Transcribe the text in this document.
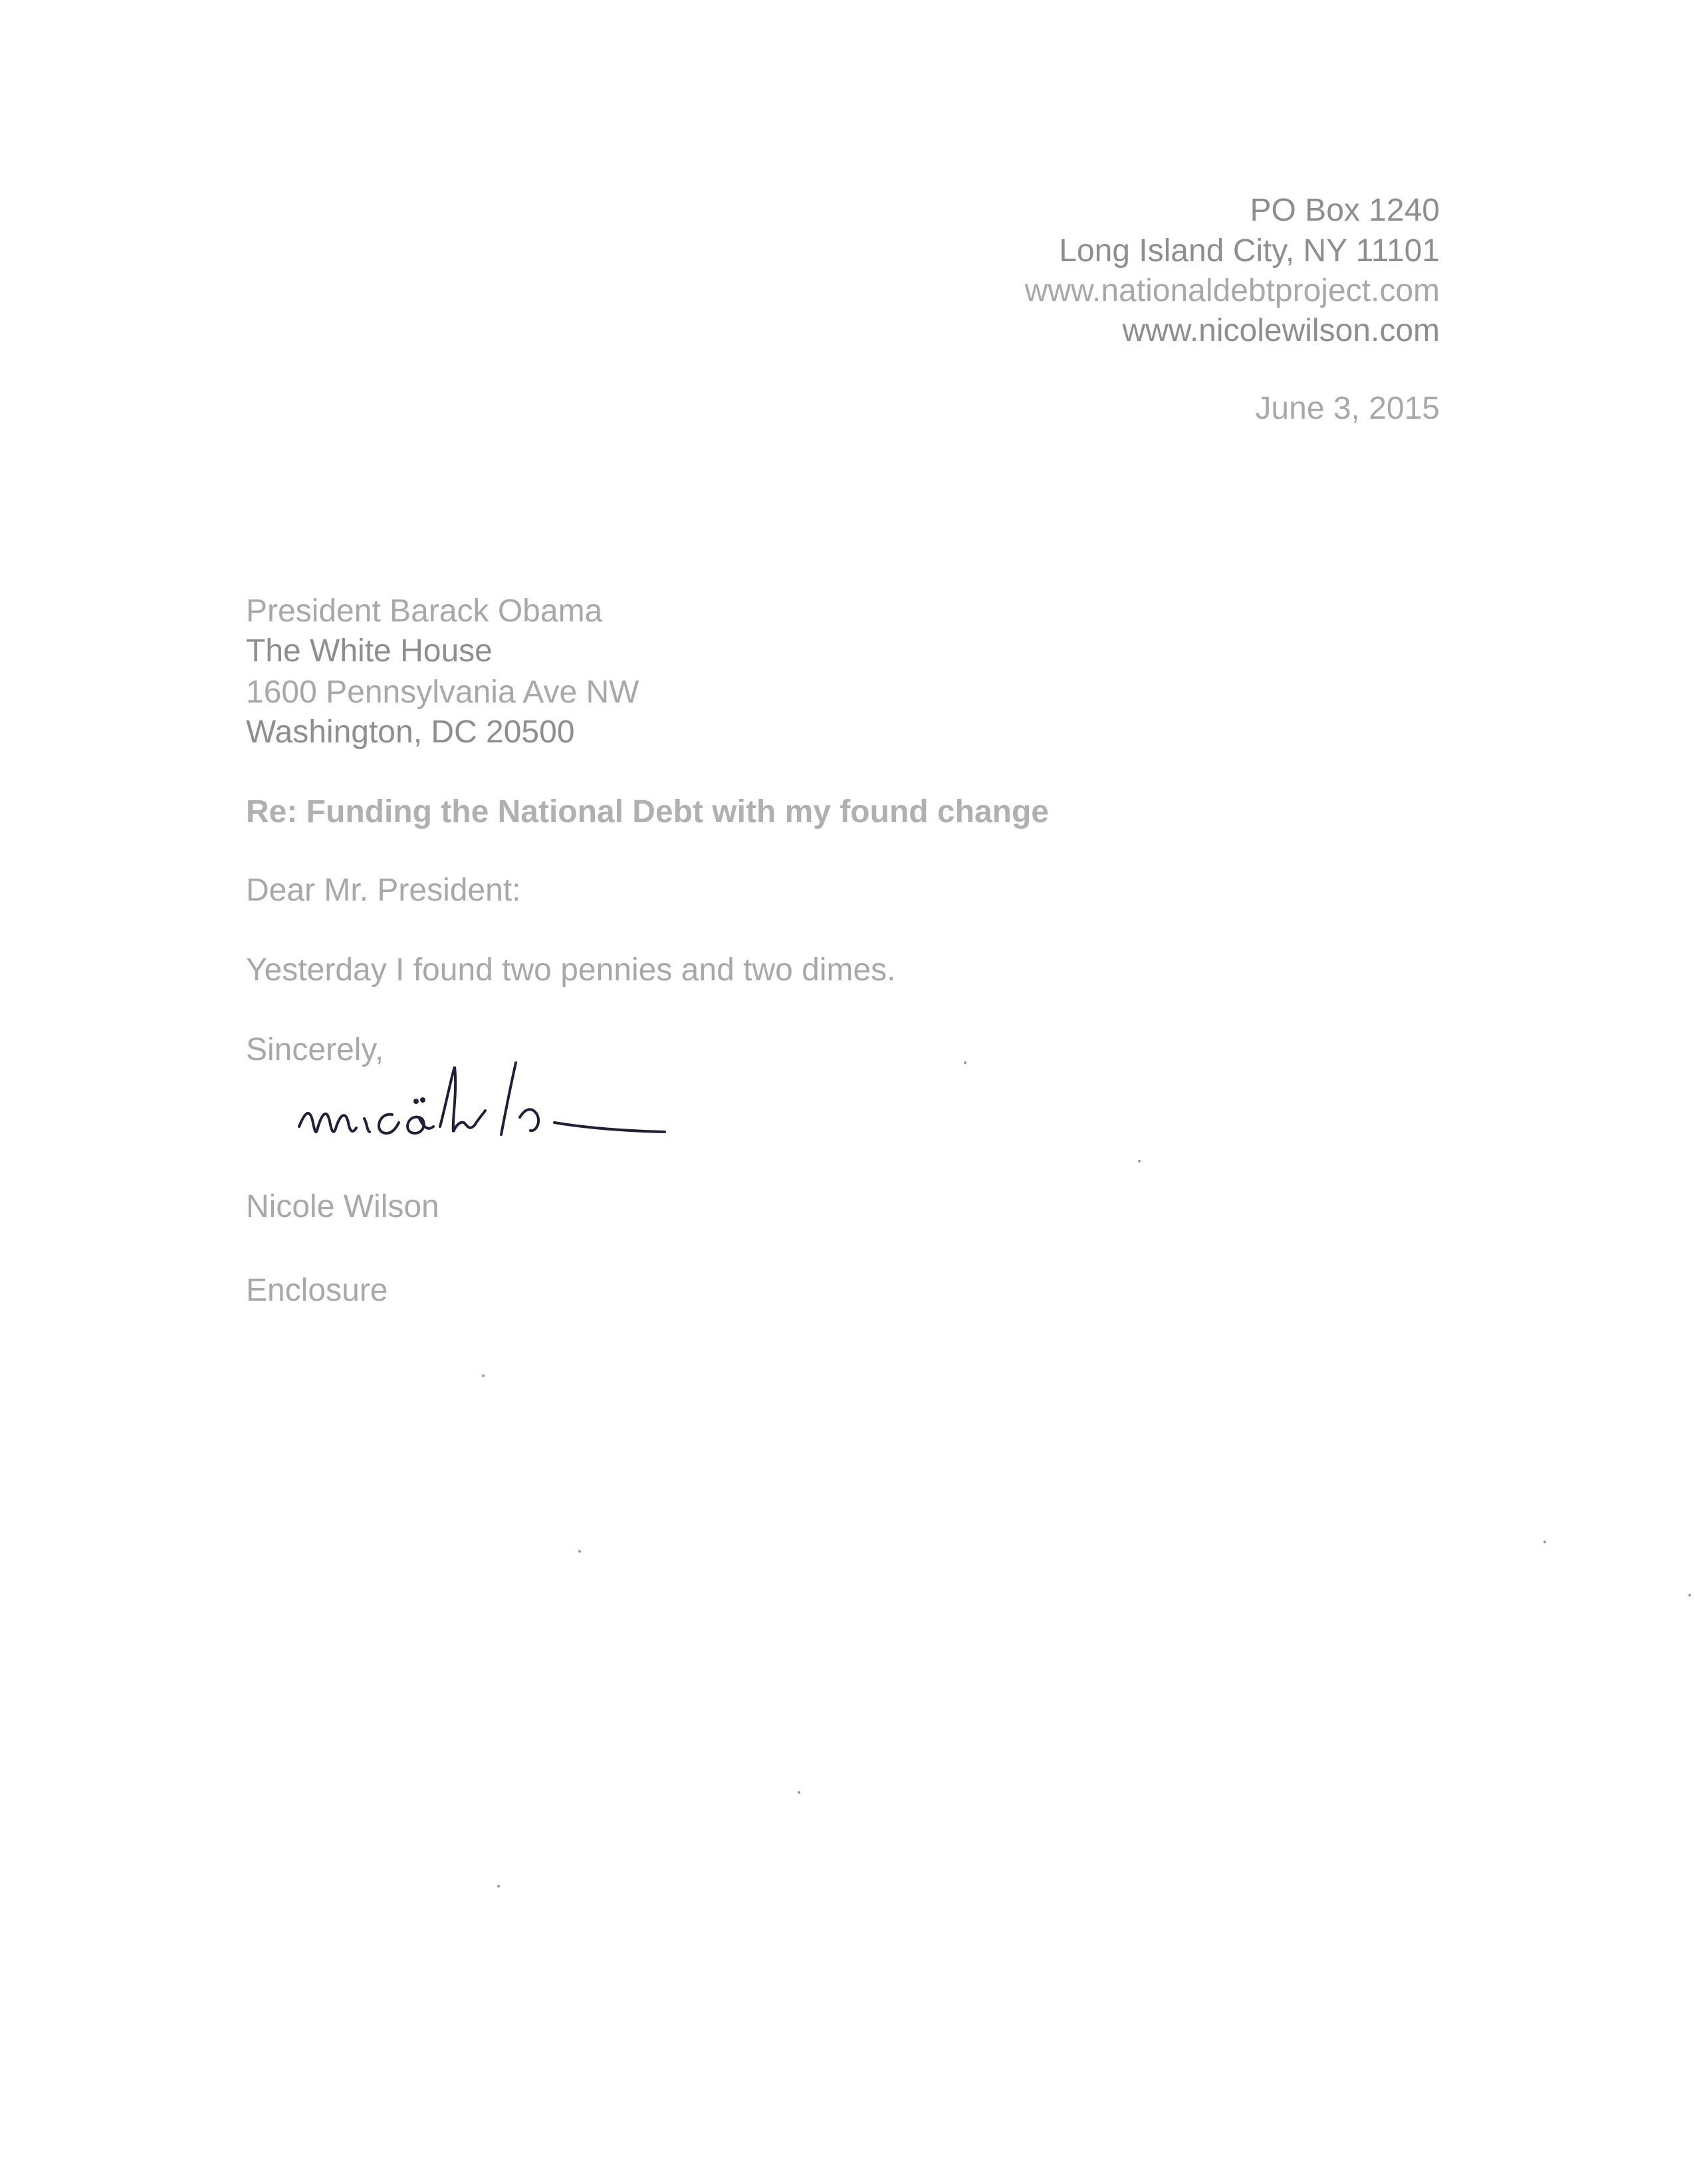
PO Box 1240
Long Island City, NY 11101
www.nationaldebtproject.com
www.nicolewilson.com
June 3, 2015
President Barack Obama
The White House
1600 Pennsylvania Ave NW
Washington, DC 20500
Re: Funding the National Debt with my found change
Dear Mr. President:
Yesterday I found two pennies and two dimes.
Sincerely,
Nicole Wilson
Enclosure
